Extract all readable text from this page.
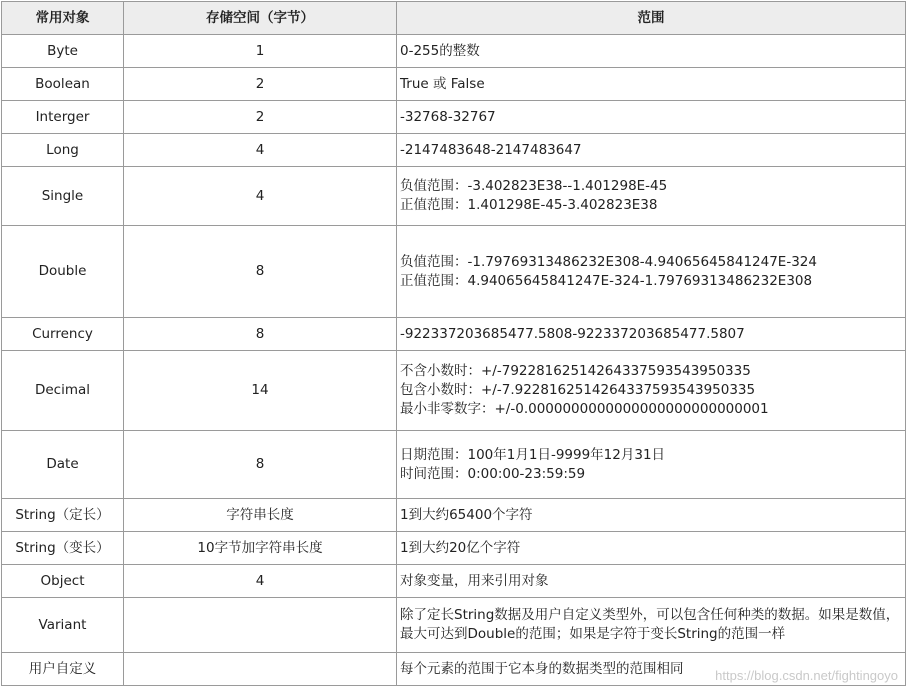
常用对象	存储空间（字节）	范围
Byte	1	0-255的整数

Boolean	2	True 或 False

Interger	2	-32768-32767

Long	4	-2147483648-2147483647

Single	4	负值范围：-3.402823E38--1.401298E-45
正值范围：1.401298E-45-3.402823E38

Double	8	负值范围：-1.79769313486232E308-4.94065645841247E-324
正值范围：4.94065645841247E-324-1.79769313486232E308

Currency	8	-922337203685477.5808-922337203685477.5807

Decimal	14	不含小数时：+/-79228162514264337593543950335
包含小数时：+/-7.9228162514264337593543950335
最小非零数字：+/-0.0000000000000000000000000001

Date	8	日期范围：100年1月1日-9999年12月31日
时间范围：0:00:00-23:59:59

String（定长）	字符串长度	1到大约65400个字符

String（变长）	10字节加字符串长度	1到大约20亿个字符

Object	4	对象变量，用来引用对象

Variant		除了定长String数据及用户自定义类型外，可以包含任何种类的数据。如果是数值，最大可达到Double的范围；如果是字符于变长String的范围一样

用户自定义		每个元素的范围于它本身的数据类型的范围相同	https://blog.csdn.net/fightingoyo
